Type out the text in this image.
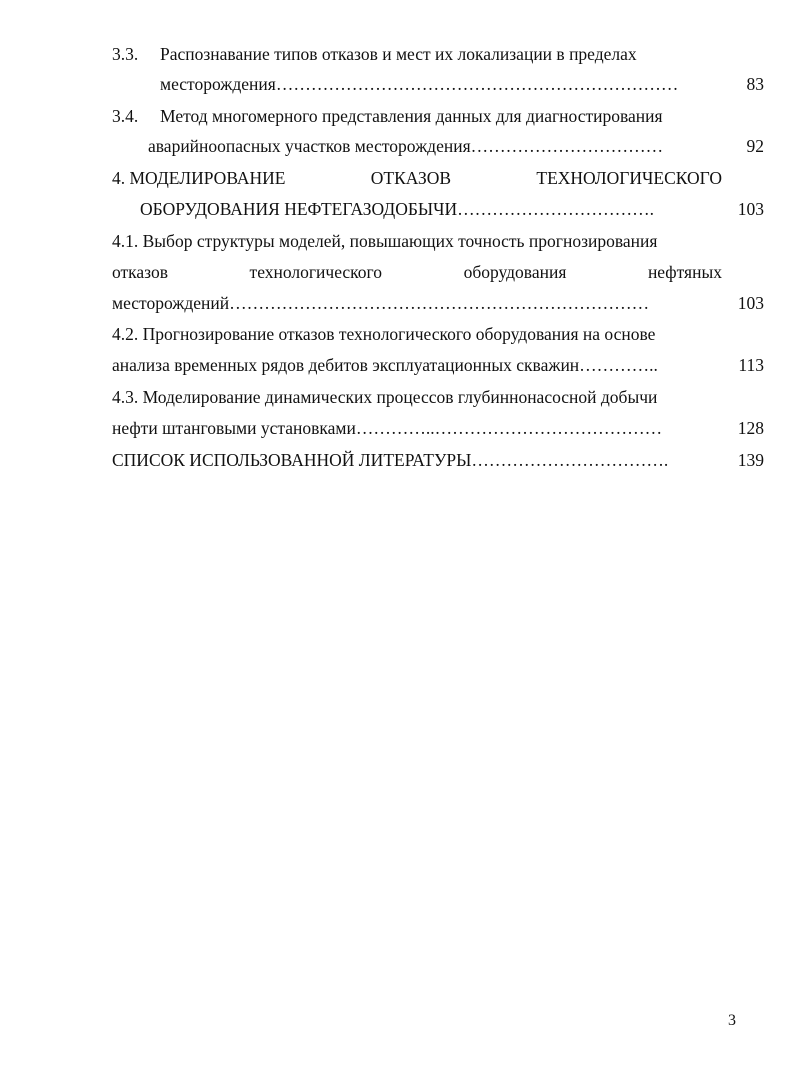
3.3. Распознавание типов отказов и мест их локализации в пределах
месторождения……………………………………………………………	83
3.4. Метод многомерного представления данных для диагностирования
аварийноопасных участков месторождения……………………………	92
4. МОДЕЛИРОВАНИЕ	ОТКАЗОВ	ТЕХНОЛОГИЧЕСКОГО
ОБОРУДОВАНИЯ НЕФТЕГАЗОДОБЫЧИ…………………………….	103
4.1. Выбор структуры моделей, повышающих точность прогнозирования
отказов	технологического	оборудования	нефтяных
месторождений………………………………………………………………	103
4.2. Прогнозирование отказов технологического оборудования на основе
анализа временных рядов дебитов эксплуатационных скважин…………..	113
4.3. Моделирование динамических процессов глубиннонасосной добычи
нефти штанговыми установками…………..…………………………………	128
СПИСОК ИСПОЛЬЗОВАННОЙ ЛИТЕРАТУРЫ…………………………….	139
3
